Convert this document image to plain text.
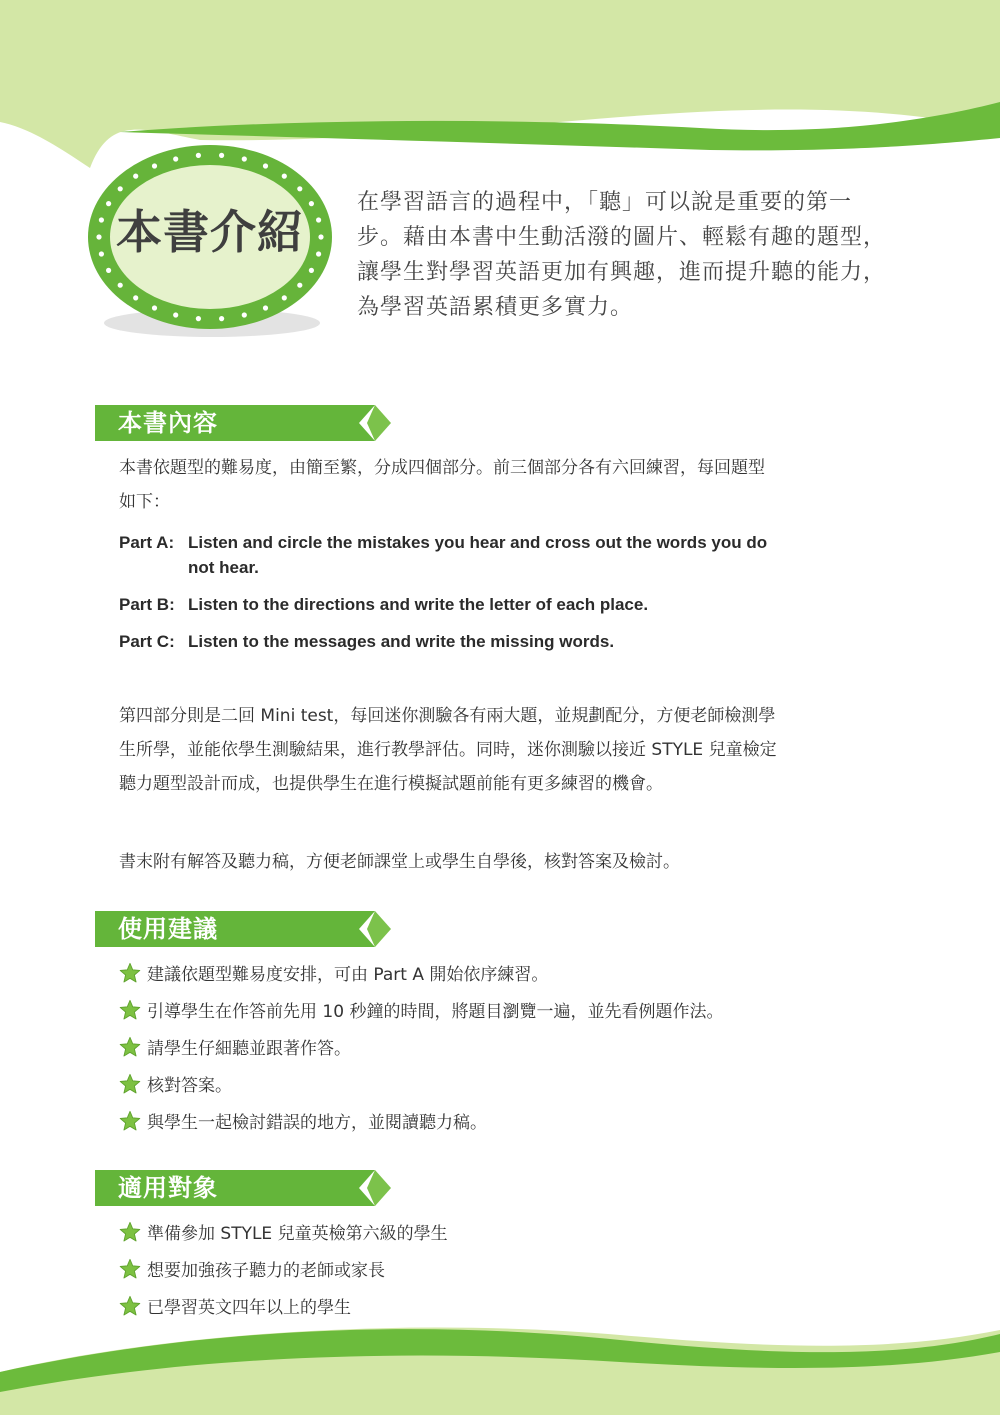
本書介紹
在學習語言的過程中，「聽」可以說是重要的第一
步。藉由本書中生動活潑的圖片、輕鬆有趣的題型，
讓學生對學習英語更加有興趣，進而提升聽的能力，
為學習英語累積更多實力。
本書內容
本書依題型的難易度，由簡至繁，分成四個部分。前三個部分各有六回練習，每回題型
如下：
Part A: Listen and circle the mistakes you hear and cross out the words you do
not hear.
Part B: Listen to the directions and write the letter of each place.
Part C: Listen to the messages and write the missing words.
第四部分則是二回 Mini test，每回迷你測驗各有兩大題，並規劃配分，方便老師檢測學
生所學，並能依學生測驗結果，進行教學評估。同時，迷你測驗以接近 STYLE 兒童檢定
聽力題型設計而成，也提供學生在進行模擬試題前能有更多練習的機會。
書末附有解答及聽力稿，方便老師課堂上或學生自學後，核對答案及檢討。
使用建議
建議依題型難易度安排，可由 Part A 開始依序練習。
引導學生在作答前先用 10 秒鐘的時間，將題目瀏覽一遍，並先看例題作法。
請學生仔細聽並跟著作答。
核對答案。
與學生一起檢討錯誤的地方，並閱讀聽力稿。
適用對象
準備參加 STYLE 兒童英檢第六級的學生
想要加強孩子聽力的老師或家長
已學習英文四年以上的學生
